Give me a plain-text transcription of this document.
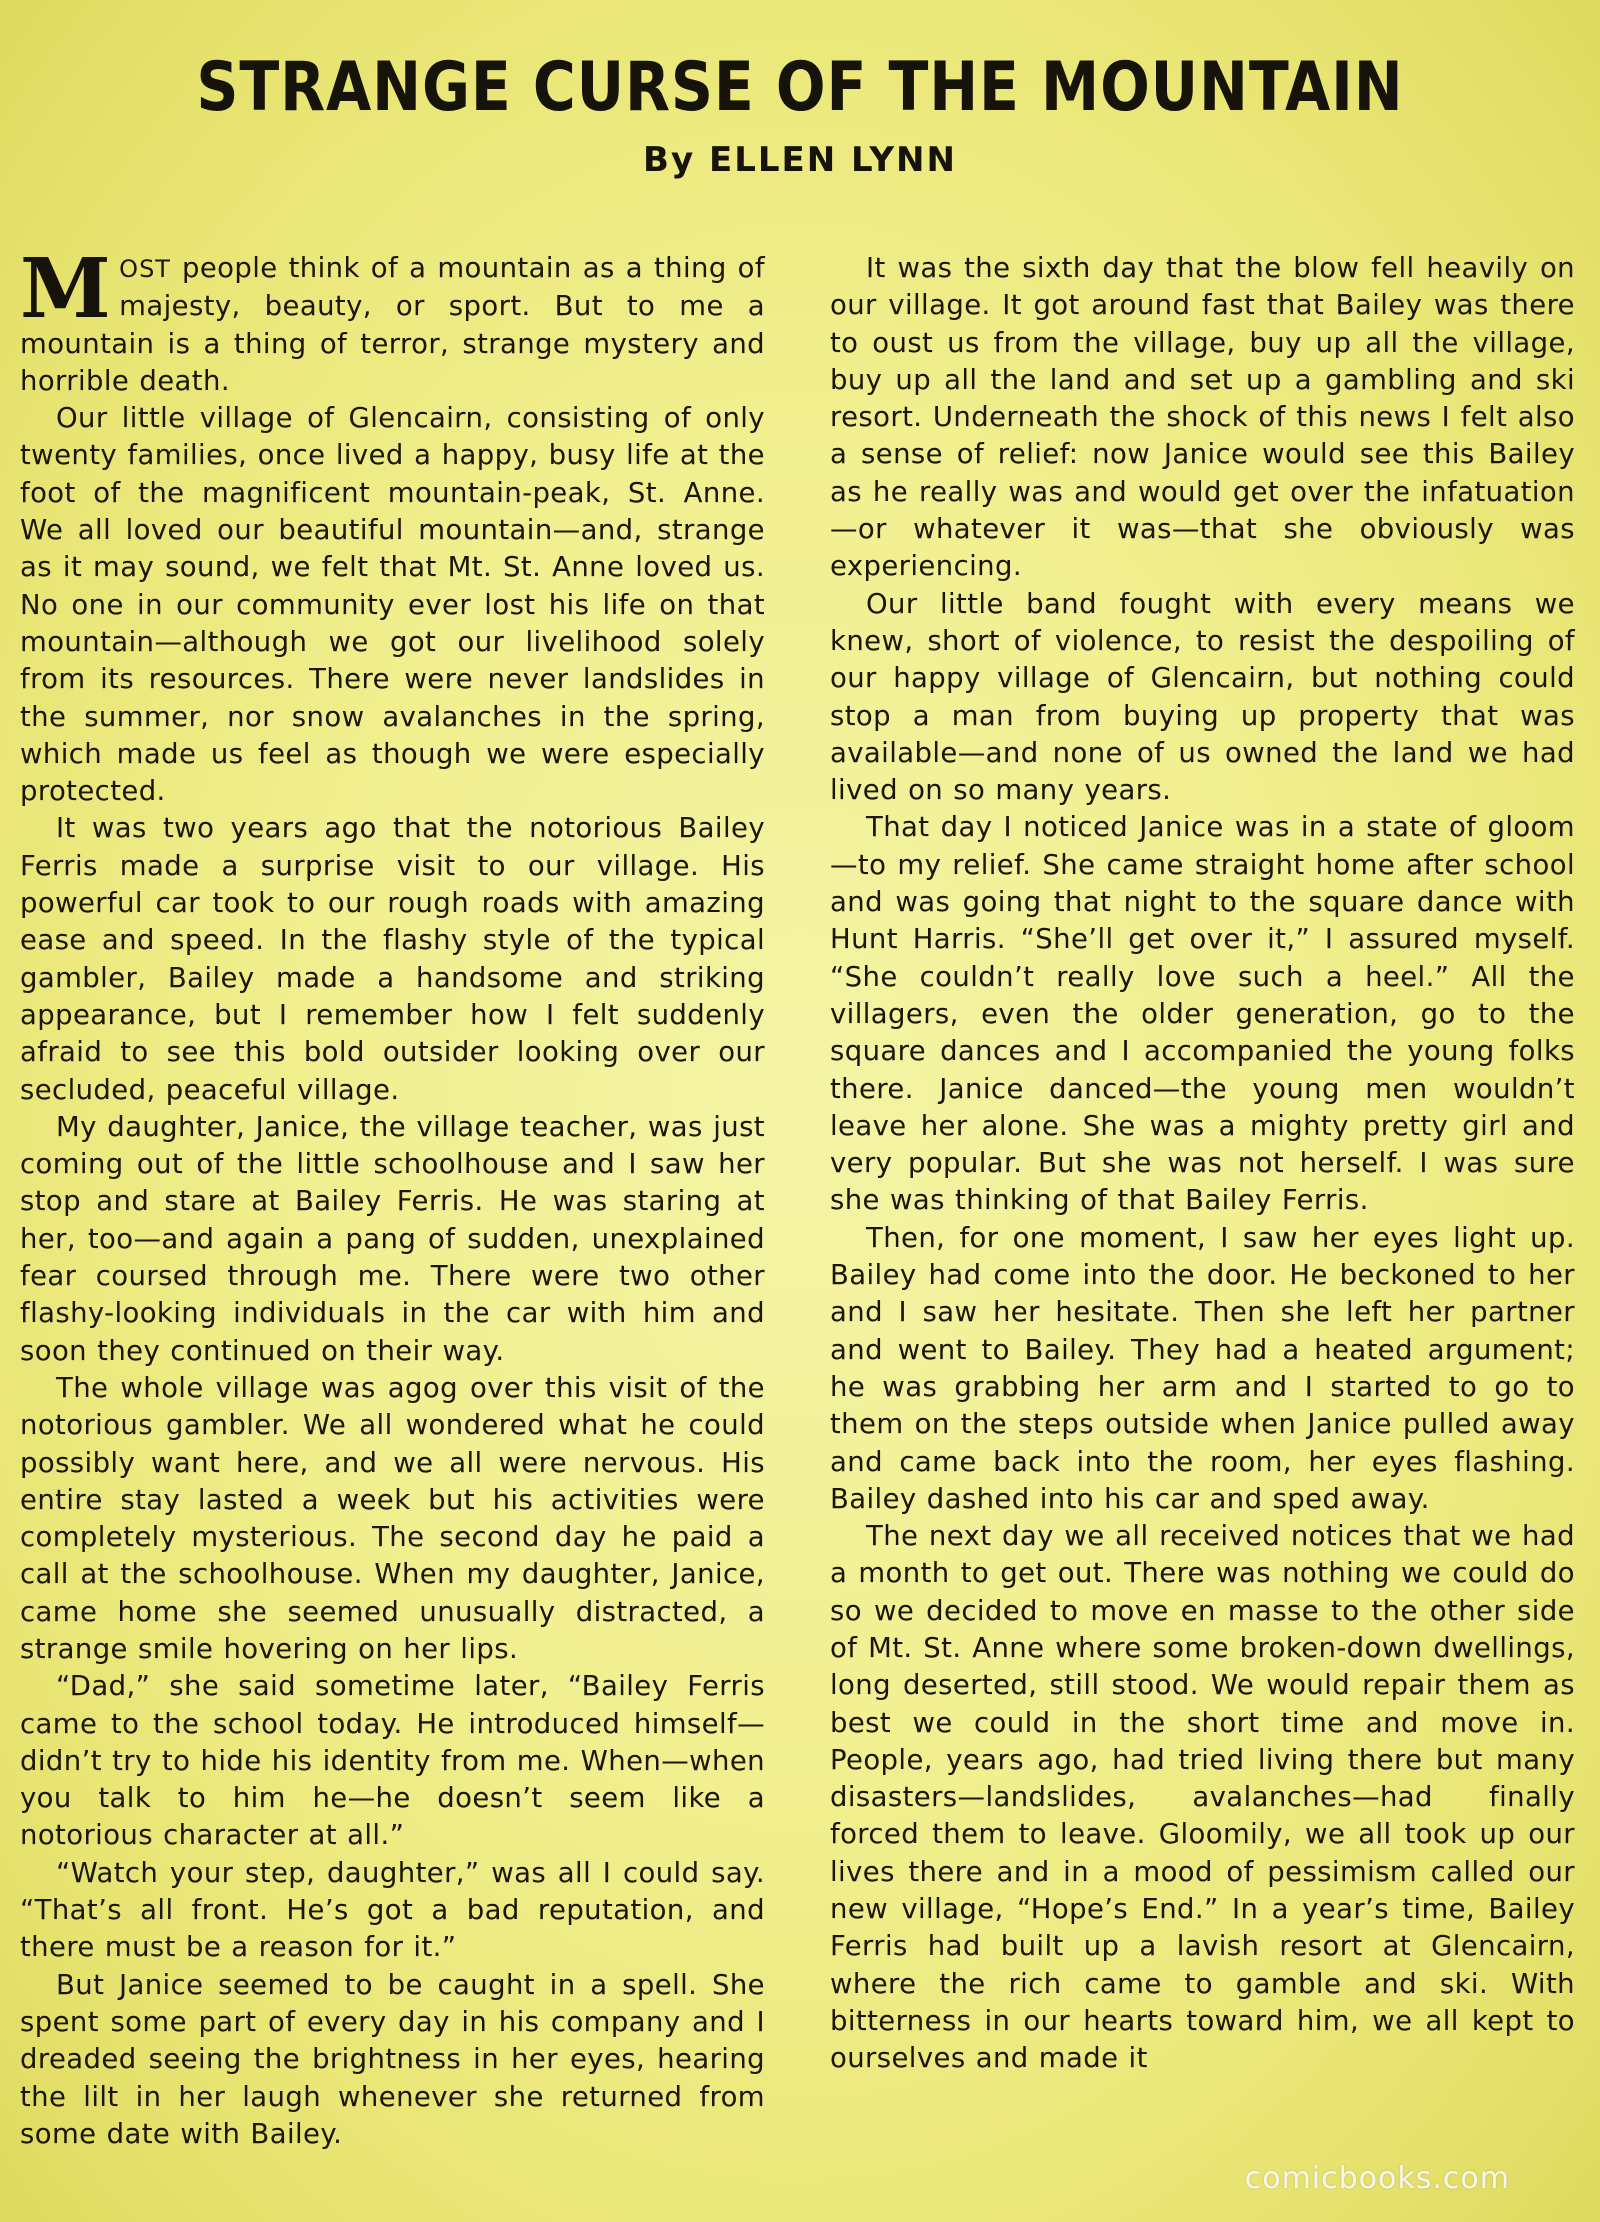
STRANGE CURSE OF THE MOUNTAIN
By ELLEN LYNN

MOST people think of a mountain as a thing of majesty, beauty, or sport. But to me a mountain is a thing of terror, strange mystery and horrible death.

Our little village of Glencairn, consisting of only twenty families, once lived a happy, busy life at the foot of the magnificent mountain-peak, St. Anne. We all loved our beautiful mountain—and, strange as it may sound, we felt that Mt. St. Anne loved us. No one in our community ever lost his life on that mountain—although we got our livelihood solely from its resources. There were never landslides in the summer, nor snow avalanches in the spring, which made us feel as though we were especially protected.

It was two years ago that the notorious Bailey Ferris made a surprise visit to our village. His powerful car took to our rough roads with amazing ease and speed. In the flashy style of the typical gambler, Bailey made a handsome and striking appearance, but I remember how I felt suddenly afraid to see this bold outsider looking over our secluded, peaceful village.

My daughter, Janice, the village teacher, was just coming out of the little schoolhouse and I saw her stop and stare at Bailey Ferris. He was staring at her, too—and again a pang of sudden, unexplained fear coursed through me. There were two other flashy-looking individuals in the car with him and soon they continued on their way.

The whole village was agog over this visit of the notorious gambler. We all wondered what he could possibly want here, and we all were nervous. His entire stay lasted a week but his activities were completely mysterious. The second day he paid a call at the schoolhouse. When my daughter, Janice, came home she seemed unusually distracted, a strange smile hovering on her lips.

“Dad,” she said sometime later, “Bailey Ferris came to the school today. He introduced himself—didn’t try to hide his identity from me. When—when you talk to him he—he doesn’t seem like a notorious character at all.”

“Watch your step, daughter,” was all I could say. “That’s all front. He’s got a bad reputation, and there must be a reason for it.”

But Janice seemed to be caught in a spell. She spent some part of every day in his company and I dreaded seeing the brightness in her eyes, hearing the lilt in her laugh whenever she returned from some date with Bailey.

It was the sixth day that the blow fell heavily on our village. It got around fast that Bailey was there to oust us from the village, buy up all the village, buy up all the land and set up a gambling and ski resort. Underneath the shock of this news I felt also a sense of relief: now Janice would see this Bailey as he really was and would get over the infatuation—or whatever it was—that she obviously was experiencing.

Our little band fought with every means we knew, short of violence, to resist the despoiling of our happy village of Glencairn, but nothing could stop a man from buying up property that was available—and none of us owned the land we had lived on so many years.

That day I noticed Janice was in a state of gloom—to my relief. She came straight home after school and was going that night to the square dance with Hunt Harris. “She’ll get over it,” I assured myself. “She couldn’t really love such a heel.” All the villagers, even the older generation, go to the square dances and I accompanied the young folks there. Janice danced—the young men wouldn’t leave her alone. She was a mighty pretty girl and very popular. But she was not herself. I was sure she was thinking of that Bailey Ferris.

Then, for one moment, I saw her eyes light up. Bailey had come into the door. He beckoned to her and I saw her hesitate. Then she left her partner and went to Bailey. They had a heated argument; he was grabbing her arm and I started to go to them on the steps outside when Janice pulled away and came back into the room, her eyes flashing. Bailey dashed into his car and sped away.

The next day we all received notices that we had a month to get out. There was nothing we could do so we decided to move en masse to the other side of Mt. St. Anne where some broken-down dwellings, long deserted, still stood. We would repair them as best we could in the short time and move in. People, years ago, had tried living there but many disasters—landslides, avalanches—had finally forced them to leave. Gloomily, we all took up our lives there and in a mood of pessimism called our new village, “Hope’s End.” In a year’s time, Bailey Ferris had built up a lavish resort at Glencairn, where the rich came to gamble and ski. With bitterness in our hearts toward him, we all kept to ourselves and made it

comicbooks.com
